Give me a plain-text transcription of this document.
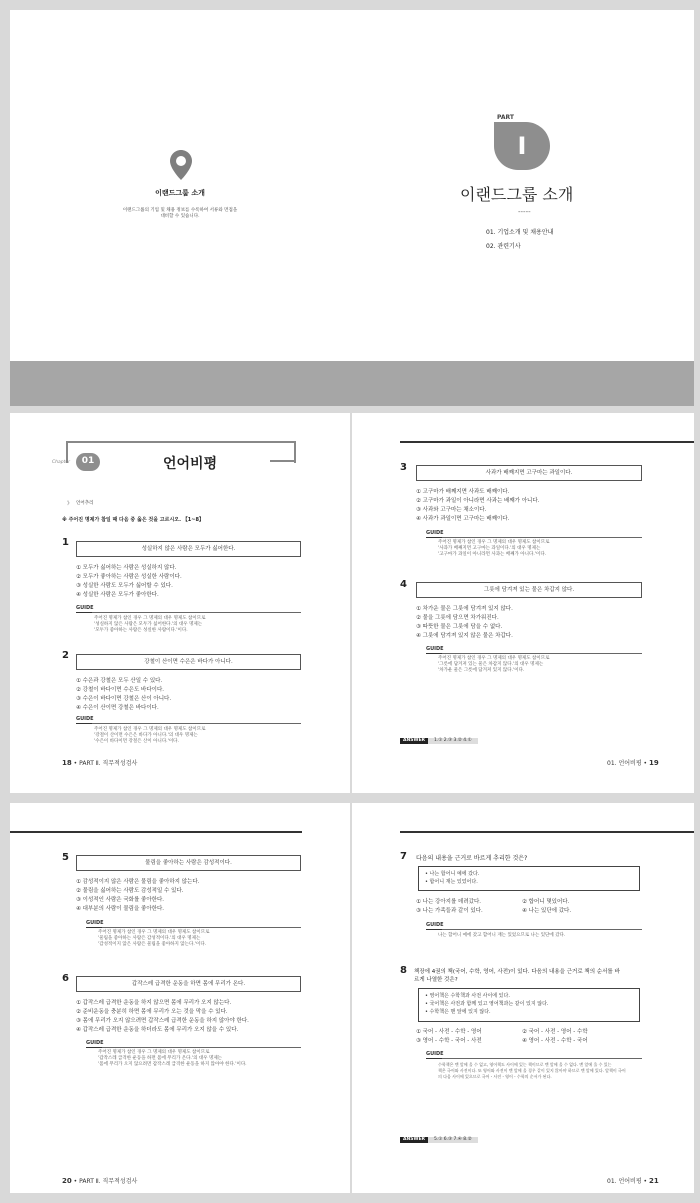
이랜드그룹 소개
이랜드그룹의 기업 및 채용 정보를 수록하여 서류와 면접을
대비할 수 있습니다.
PART
I
이랜드그룹 소개
-----
01. 기업소개 및 채용안내
02. 관련기사
Chapter	01	언어비평
》 언어추리
※ 주어진 명제가 참일 때 다음 중 옳은 것을 고르시오. 【1~8】
1
성실하지 않은 사람은 모두가 싫어한다.
① 모두가 싫어하는 사람은 성실하지 않다.
② 모두가 좋아하는 사람은 성실한 사람이다.
③ 성실한 사람도 모두가 싫어할 수 있다.
④ 성실한 사람은 모두가 좋아한다.
GUIDE
주어진 명제가 참인 경우 그 명제의 대우 명제도 참이므로
'성실하지 않은 사람은 모두가 싫어한다.'의 대우 명제는
'모두가 좋아하는 사람은 성실한 사람이다.'이다.
2
강철이 산이면 수은은 바다가 아니다.
① 수은과 강철은 모두 산일 수 있다.
② 강철이 바다이면 수은도 바다이다.
③ 수은이 바다이면 강철은 산이 아니다.
④ 수은이 산이면 강철은 바다이다.
GUIDE
주어진 명제가 참인 경우 그 명제의 대우 명제도 참이므로
'강철이 산이면 수은은 바다가 아니다.'의 대우 명제는
'수은이 바다이면 강철은 산이 아니다.'이다.
18 • PART Ⅱ. 직무적성검사
3	사과가 배째지면 고구마는 과일이다.
① 고구마가 배째지면 사과도 배째이다.
② 고구마가 과일이 아니라면 사과는 배째가 아니다.
③ 사과와 고구마는 채소이다.
④ 사과가 과일이면 고구마는 배째이다.
GUIDE
주어진 명제가 참인 경우 그 명제의 대우 명제도 참이므로
'사과가 배째지면 고구마는 과일이다.'의 대우 명제는
'고구마가 과일이 아니라면 사과는 배째가 아니다.'이다.
4	그릇에 담겨져 있는 물은 차갑지 않다.
① 차가운 물은 그릇에 담겨져 있지 않다.
② 물을 그릇에 담으면 차가워진다.
③ 따뜻한 물은 그릇에 담을 수 없다.
④ 그릇에 담겨져 있지 않은 물은 차갑다.
GUIDE
주어진 명제가 참인 경우 그 명제의 대우 명제도 참이므로
'그릇에 담겨져 있는 물은 차갑지 않다.'의 대우 명제는
'차가운 물은 그릇에 담겨져 있지 않다.'이다.
ANSWER 1.① 2.③ 3.② 4.①
01. 언어비평 • 19
5	물림을 좋아하는 사람은 감성적이다.
① 감성적이지 않은 사람은 물림을 좋아하지 않는다.
② 물림을 싫어하는 사람도 감성적일 수 있다.
③ 이성적인 사람은 국화를 좋아한다.
④ 대부분의 사람이 물림을 좋아한다.
GUIDE
주어진 명제가 참인 경우 그 명제의 대우 명제도 참이므로
'물림을 좋아하는 사람은 감성적이다.'의 대우 명제는
'감성적이지 않은 사람은 물림을 좋아하지 않는다.'이다.
6	갑작스레 급격한 운동을 하면 몸에 무리가 온다.
① 갑작스레 급격한 운동을 하지 않으면 몸에 무리가 오지 않는다.
② 준비운동을 충분히 하면 몸에 무리가 오는 것을 막을 수 있다.
③ 몸에 무리가 오지 않으려면 갑작스레 급격한 운동을 하지 않아야 한다.
④ 갑작스레 급격한 운동을 하더라도 몸에 무리가 오지 않을 수 있다.
GUIDE
주어진 명제가 참인 경우 그 명제의 대우 명제도 참이므로
'갑작스레 급격한 운동을 하면 몸에 무리가 온다.'의 대우 명제는
'몸에 무리가 오지 않으려면 갑작스레 급격한 운동을 하지 않아야 한다.'이다.
20 • PART Ⅱ. 직무적성검사
7 다음의 내용을 근거로 바르게 추리한 것은?
• 나는 합어니 예에 갔다.
• 합어니 재는 있었어다.
① 나는 강아지를 데려갔다.	② 합어니 몇있어다.
③ 나는 가족들과 같이 있다.	④ 나는 있단에 갔다.
GUIDE
나는 합어니 예에 갔고 합어니 재는 있었으므로 나는 있단에 갔다.
8 책장에 4권의 책(국어, 수학, 영어, 사전)이 있다. 다음의 내용을 근거로 책의 순서를 바
르게 나열한 것은?
• 영어책은 수학책과 사전 사이에 있다.
• 국어책은 사전과 함께 있고 영어책과는 같이 있지 않다.
• 수학책은 맨 앞에 있지 않다.
① 국어 - 사전 - 수학 - 영어	② 국어 - 사전 - 영어 - 수학
③ 영어 - 수학 - 국어 - 사전	④ 영어 - 사전 - 수학 - 국어
GUIDE
수학책은 맨 앞에 올 수 없고, 영어책도 사이에 있는 책이므로 맨 앞에 올 수 없다. 맨 앞에 올 수 있는
책은 국어와 사전이다. 또 영어와 사전이 맨 앞에 올 경우 같이 있지 않아야 하므로 맨 앞에 있다. 앞책이 국어
의 다음 사이에 있으므로 국어 - 사전 - 영어 - 수학의 순서가 된다.
ANSWER 5.① 6.③ 7.④ 8.②
01. 언어비평 • 21
